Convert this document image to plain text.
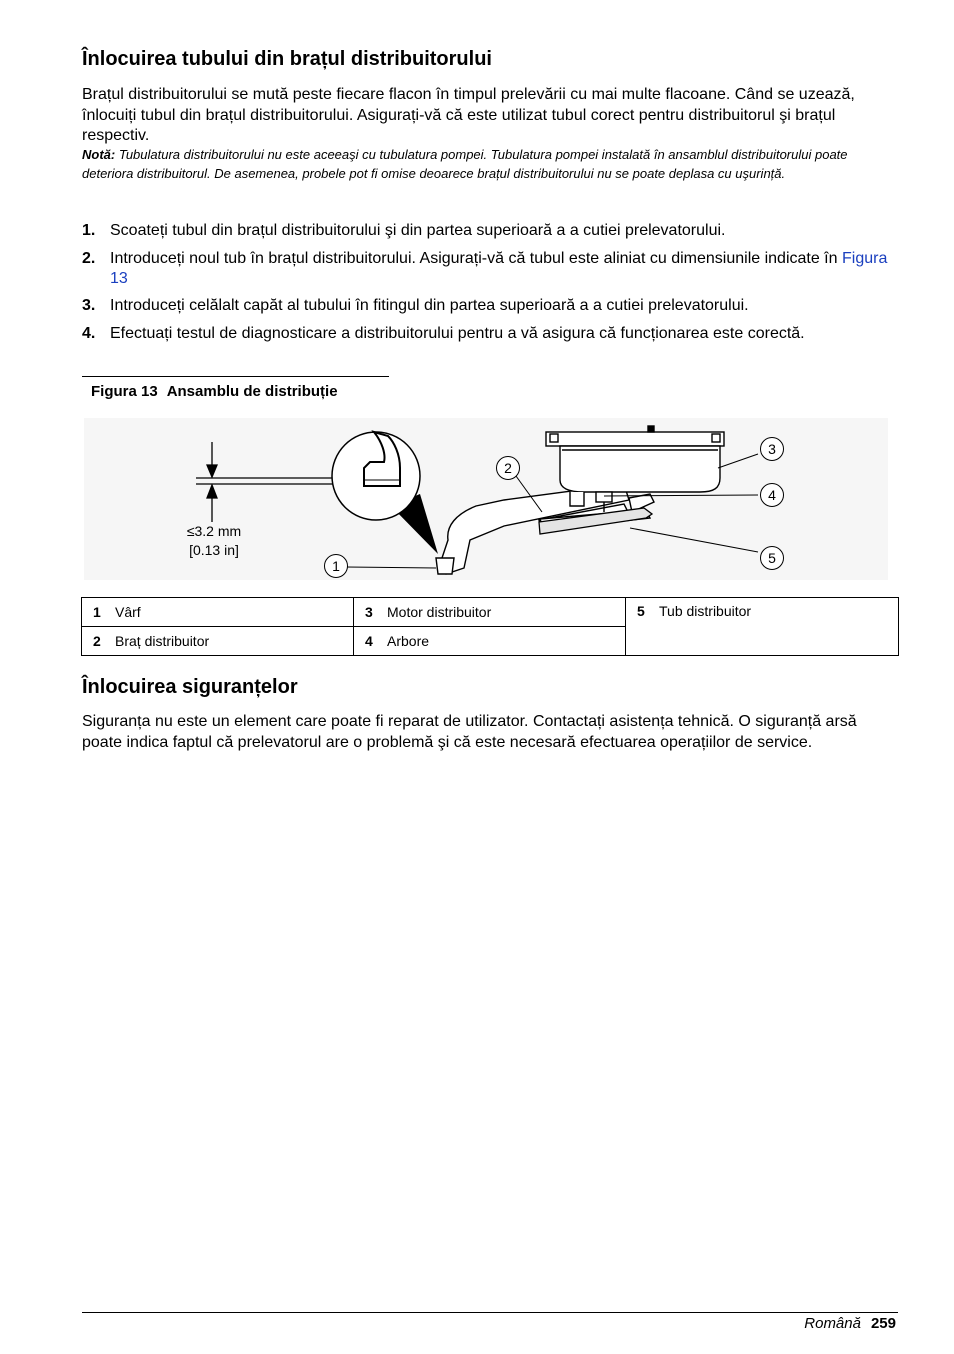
Înlocuirea tubului din brațul distribuitorului

Brațul distribuitorului se mută peste fiecare flacon în timpul prelevării cu mai multe flacoane. Când se uzează, înlocuiți tubul din brațul distribuitorului. Asigurați-vă că este utilizat tubul corect pentru distribuitorul şi brațul respectiv.

Notă: Tubulatura distribuitorului nu este aceeaşi cu tubulatura pompei. Tubulatura pompei instalată în ansamblul distribuitorului poate deteriora distribuitorul. De asemenea, probele pot fi omise deoarece brațul distribuitorului nu se poate deplasa cu uşurință.

1. Scoateți tubul din brațul distribuitorului şi din partea superioară a a cutiei prelevatorului.
2. Introduceți noul tub în brațul distribuitorului. Asigurați-vă că tubul este aliniat cu dimensiunile indicate în Figura 13
3. Introduceți celălalt capăt al tubului în fitingul din partea superioară a a cutiei prelevatorului.
4. Efectuați testul de diagnosticare a distribuitorului pentru a vă asigura că funcționarea este corectă.
Figura 13 Ansamblu de distribuție
≤3.2 mm
[0.13 in]
1
2
3
4
5
1 Vârf	3 Motor distribuitor	5 Tub distribuitor
2 Braț distribuitor	4 Arbore	
Înlocuirea siguranțelor

Siguranța nu este un element care poate fi reparat de utilizator. Contactați asistența tehnică. O siguranță arsă poate indica faptul că prelevatorul are o problemă şi că este necesară efectuarea operațiilor de service.

Română 259
